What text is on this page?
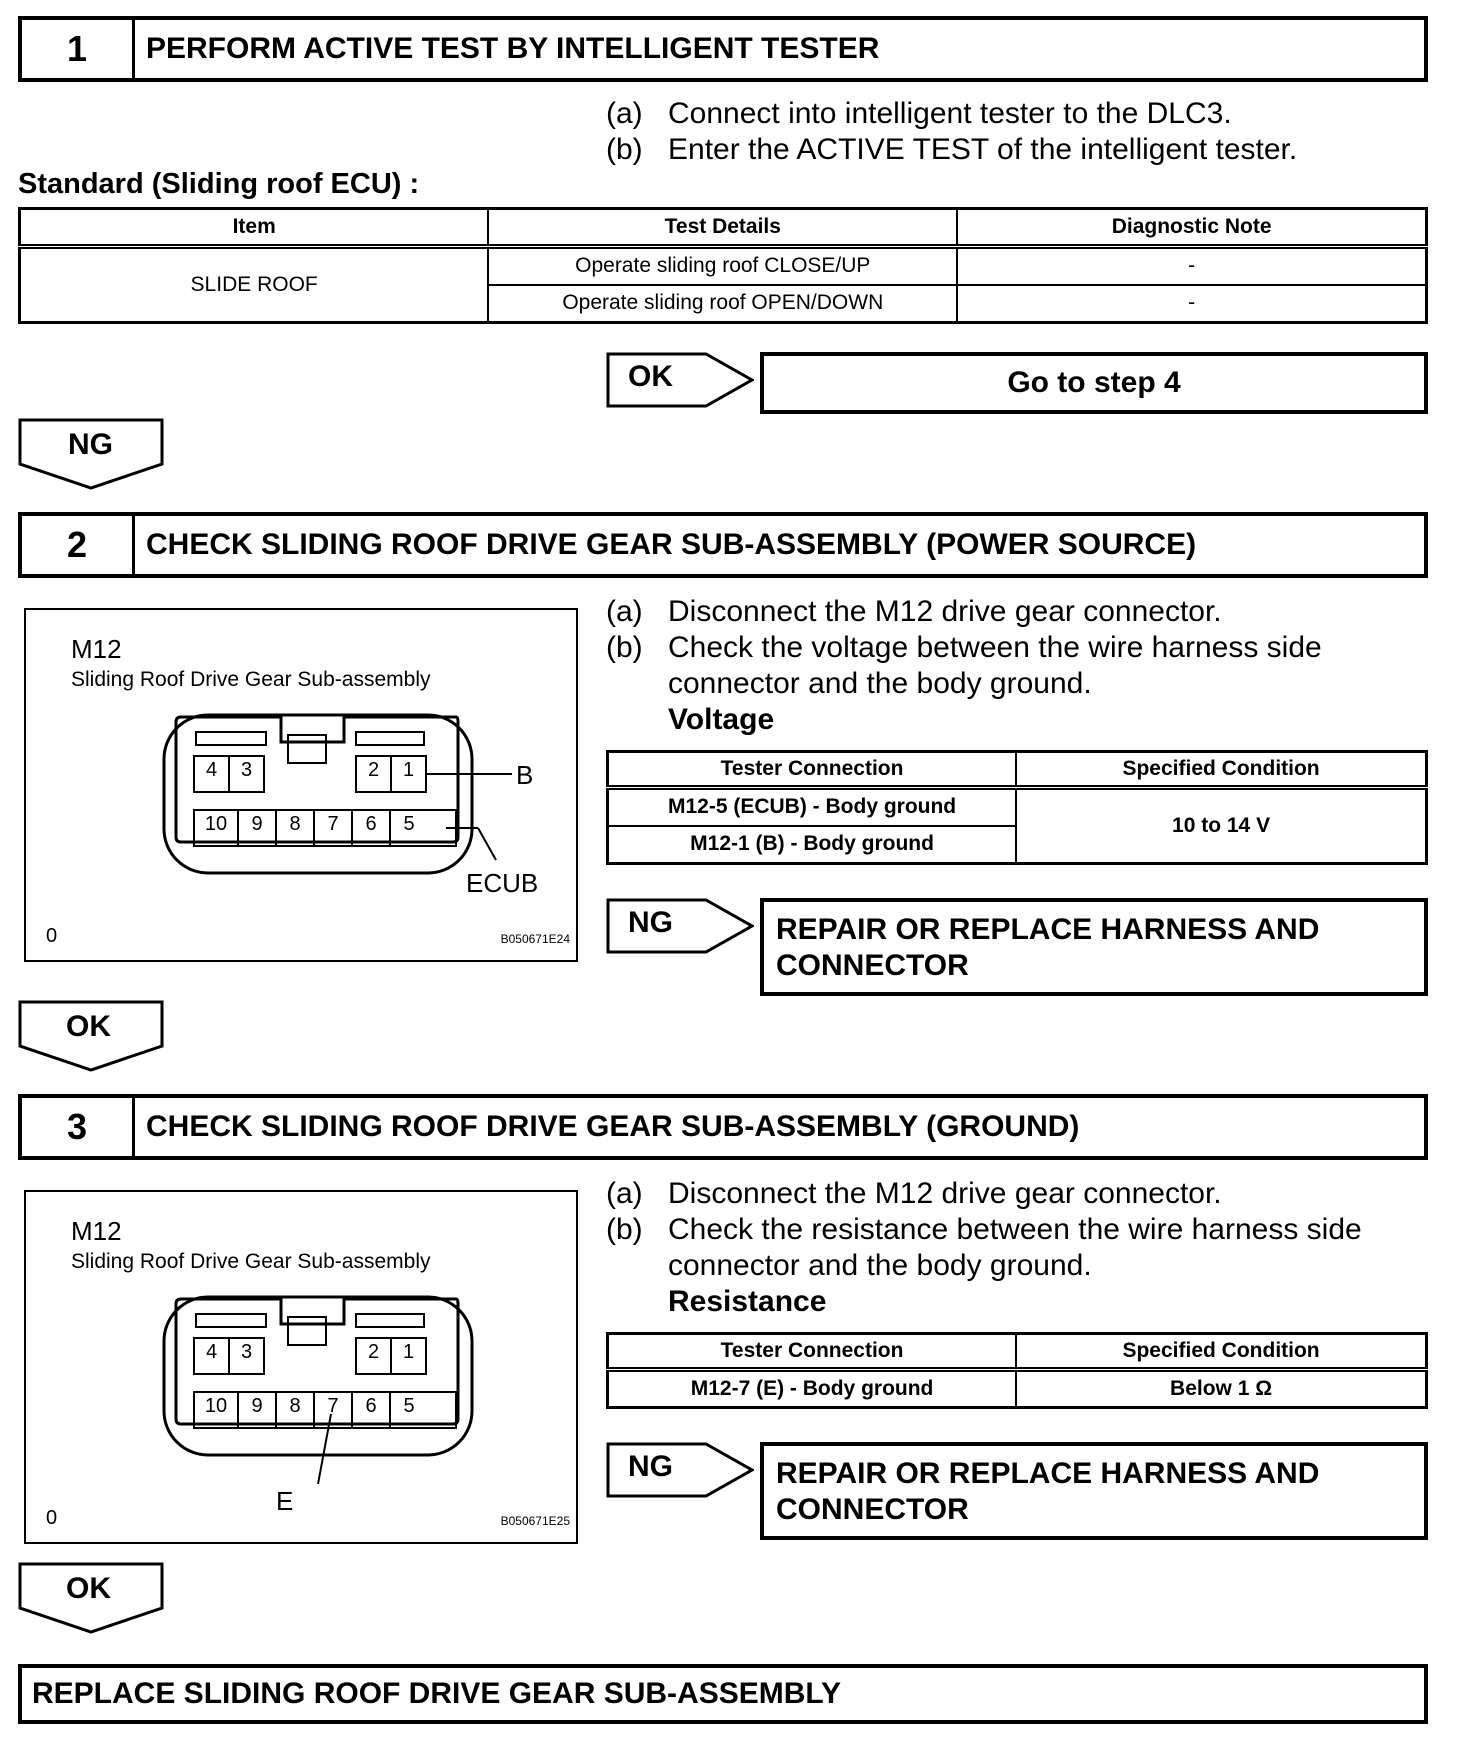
1	PERFORM ACTIVE TEST BY INTELLIGENT TESTER
(a) Connect into intelligent tester to the DLC3.
(b) Enter the ACTIVE TEST of the intelligent tester.
Standard (Sliding roof ECU) :
Item	Test Details	Diagnostic Note
SLIDE ROOF	Operate sliding roof CLOSE/UP	-
	Operate sliding roof OPEN/DOWN	-
OK	Go to step 4
NG
2	CHECK SLIDING ROOF DRIVE GEAR SUB-ASSEMBLY (POWER SOURCE)
M12
Sliding Roof Drive Gear Sub-assembly
4	3	2	1
10	9	8	7	6	5
B
ECUB
0	B050671E24
(a) Disconnect the M12 drive gear connector.
(b) Check the voltage between the wire harness side
connector and the body ground.
Voltage
Tester Connection	Specified Condition
M12-5 (ECUB) - Body ground	10 to 14 V
M12-1 (B) - Body ground	
NG	REPAIR OR REPLACE HARNESS AND
CONNECTOR
OK
3	CHECK SLIDING ROOF DRIVE GEAR SUB-ASSEMBLY (GROUND)
M12
Sliding Roof Drive Gear Sub-assembly
4	3	2	1
10	9	8	7	6	5
E
0	B050671E25
(a) Disconnect the M12 drive gear connector.
(b) Check the resistance between the wire harness side
connector and the body ground.
Resistance
Tester Connection	Specified Condition
M12-7 (E) - Body ground	Below 1 Ω
NG	REPAIR OR REPLACE HARNESS AND
CONNECTOR
OK
REPLACE SLIDING ROOF DRIVE GEAR SUB-ASSEMBLY
